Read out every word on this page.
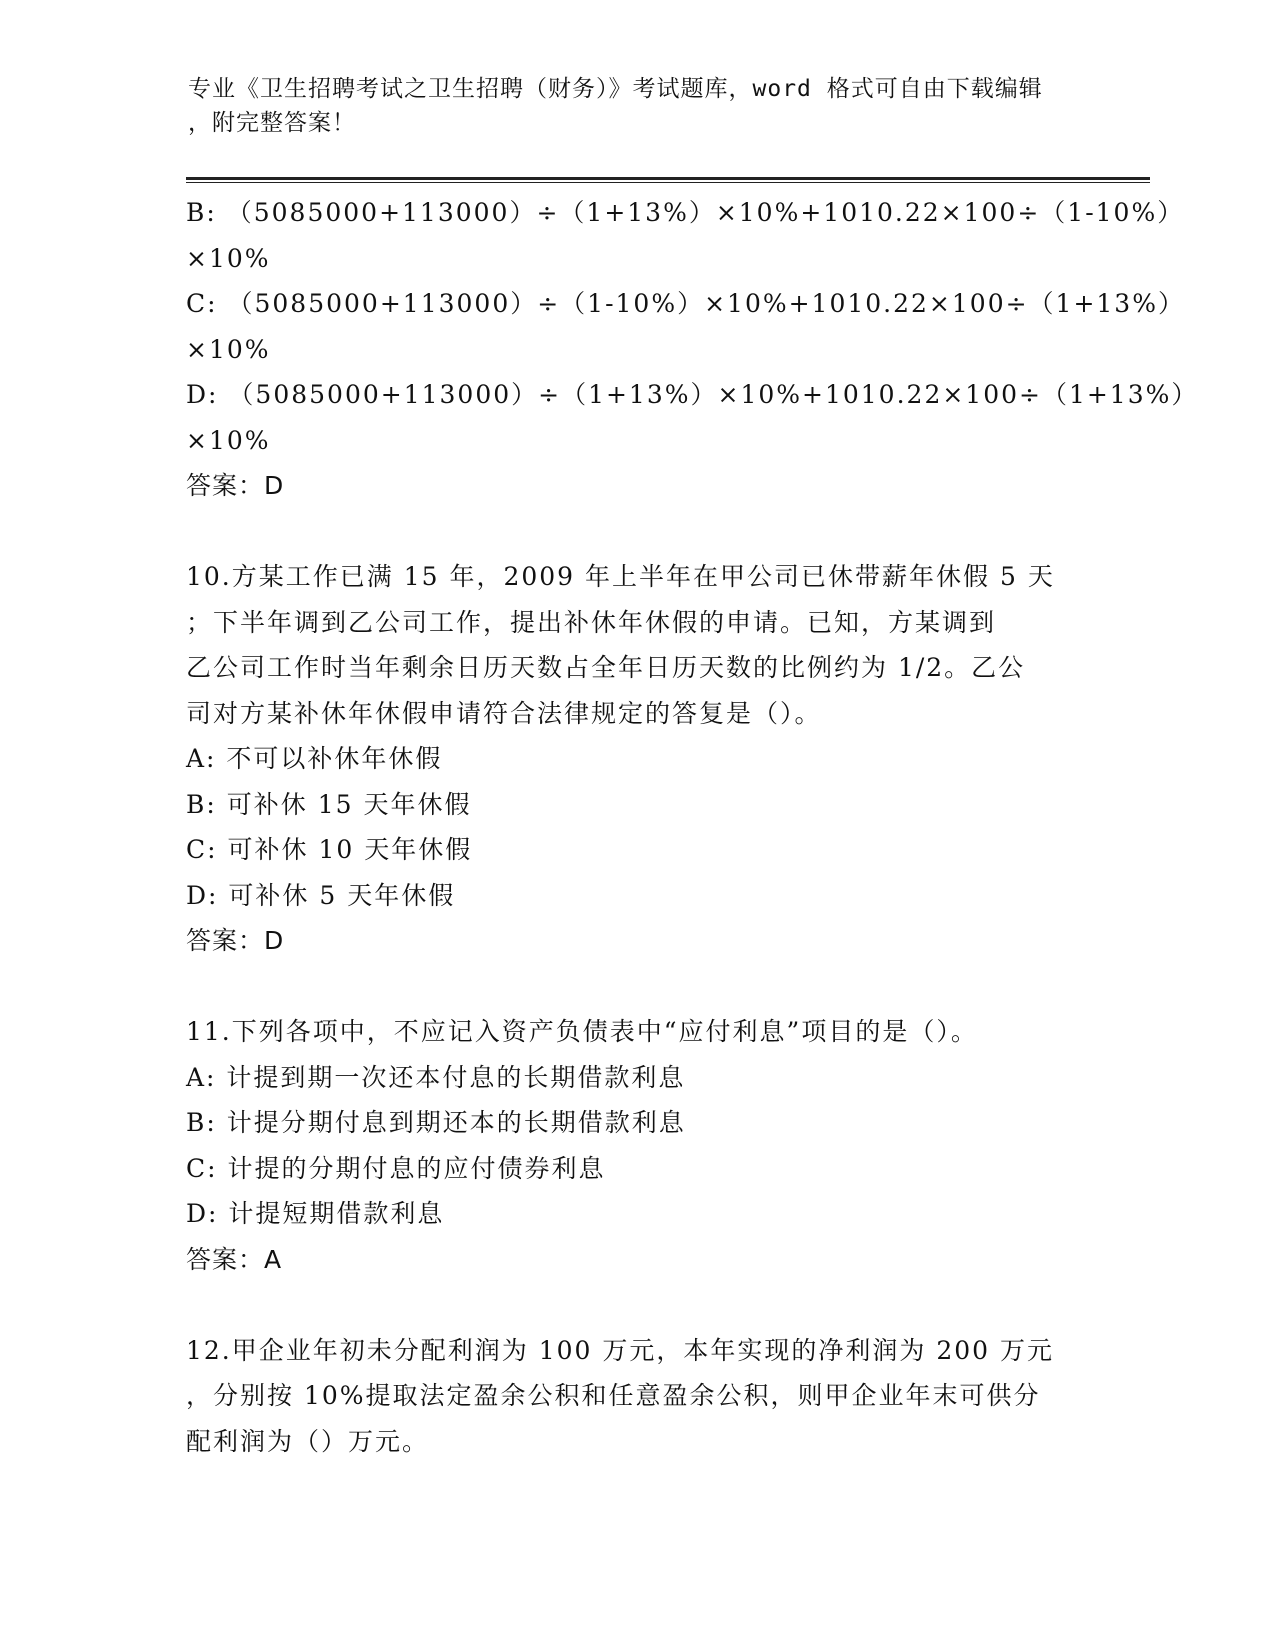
专业《卫生招聘考试之卫生招聘（财务）》考试题库，word 格式可自由下载编辑
，附完整答案！
B: （5085000+113000）÷（1+13%）×10%+1010.22×100÷（1-10%）
×10%
C: （5085000+113000）÷（1-10%）×10%+1010.22×100÷（1+13%）
×10%
D: （5085000+113000）÷（1+13%）×10%+1010.22×100÷（1+13%）
×10%
答案：D
10.方某工作已满 15 年，2009 年上半年在甲公司已休带薪年休假 5 天
；下半年调到乙公司工作，提出补休年休假的申请。已知，方某调到
乙公司工作时当年剩余日历天数占全年日历天数的比例约为 1/2。乙公
司对方某补休年休假申请符合法律规定的答复是（）。
A: 不可以补休年休假
B: 可补休 15 天年休假
C: 可补休 10 天年休假
D: 可补休 5 天年休假
答案：D
11.下列各项中，不应记入资产负债表中“应付利息”项目的是（）。
A: 计提到期一次还本付息的长期借款利息
B: 计提分期付息到期还本的长期借款利息
C: 计提的分期付息的应付债券利息
D: 计提短期借款利息
答案：A
12.甲企业年初未分配利润为 100 万元，本年实现的净利润为 200 万元
，分别按 10%提取法定盈余公积和任意盈余公积，则甲企业年末可供分
配利润为（）万元。
